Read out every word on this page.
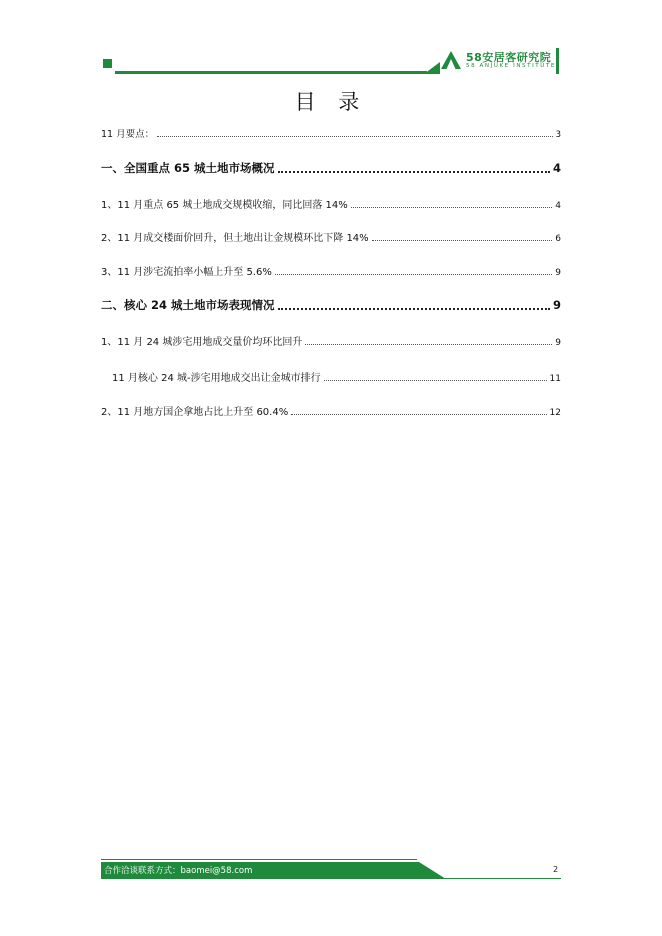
58安居客研究院
58 ANJUKE INSTITUTE
目 录
11 月要点：	3
一、全国重点 65 城土地市场概况	4
1、11 月重点 65 城土地成交规模收缩，同比回落 14%	4
2、11 月成交楼面价回升，但土地出让金规模环比下降 14%	6
3、11 月涉宅流拍率小幅上升至 5.6%	9
二、核心 24 城土地市场表现情况	9
1、11 月 24 城涉宅用地成交量价均环比回升	9
11 月核心 24 城-涉宅用地成交出让金城市排行	11
2、11 月地方国企拿地占比上升至 60.4%	12
合作洽谈联系方式：baomei@58.com	2
